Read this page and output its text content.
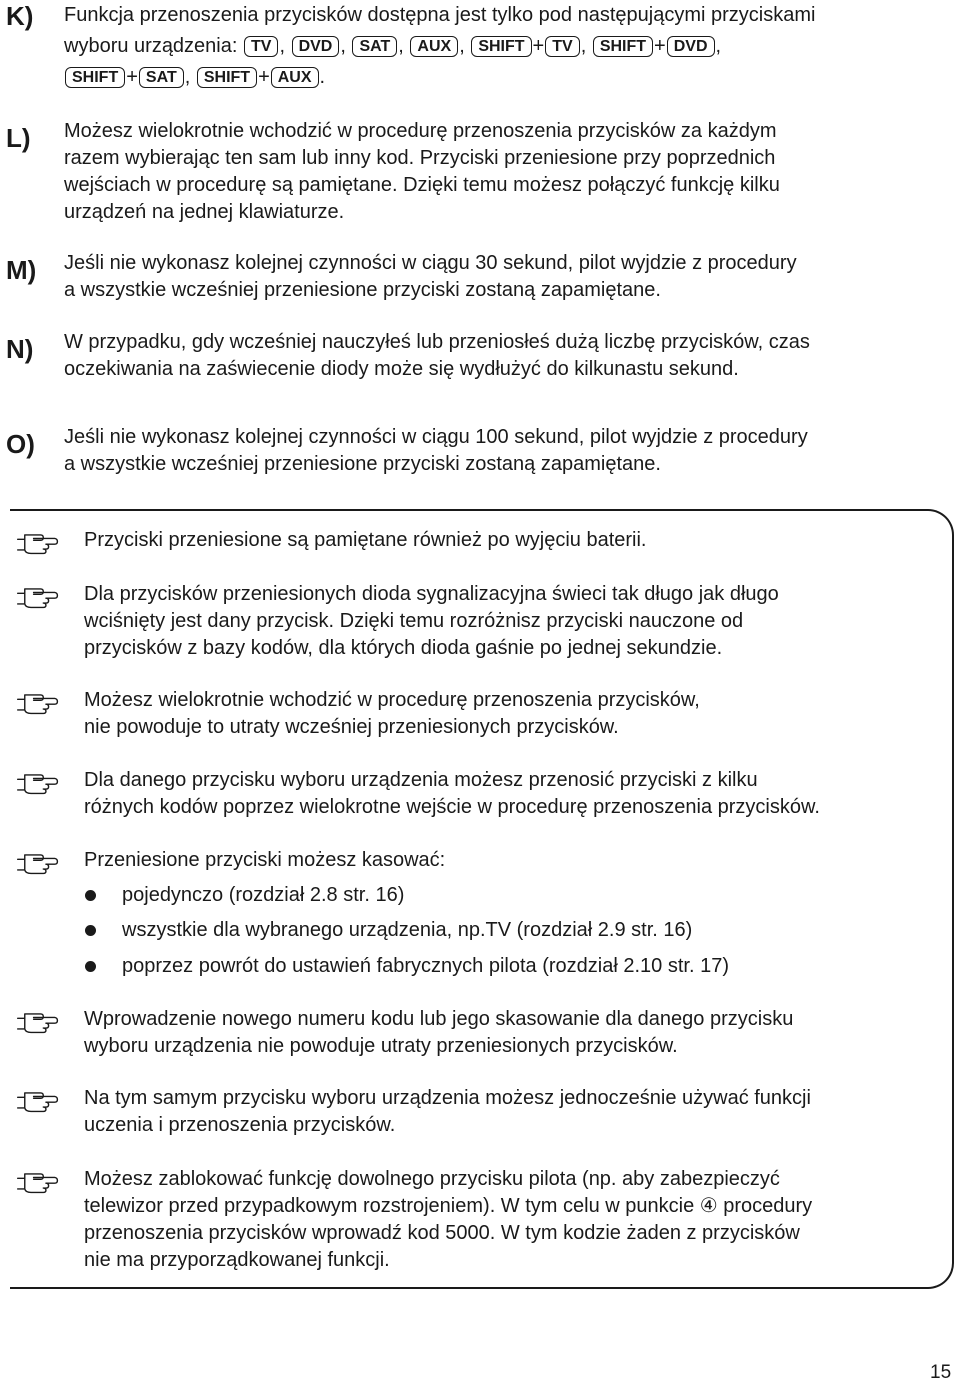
K) Funkcja przenoszenia przycisków dostępna jest tylko pod następującymi przyciskami
wyboru urządzenia: TV , DVD , SAT , AUX , SHIFT + TV , SHIFT + DVD ,
SHIFT + SAT , SHIFT + AUX .
L) Możesz wielokrotnie wchodzić w procedurę przenoszenia przycisków za każdym
razem wybierając ten sam lub inny kod. Przyciski przeniesione przy poprzednich
wejściach w procedurę są pamiętane. Dzięki temu możesz połączyć funkcję kilku
urządzeń na jednej klawiaturze.
M) Jeśli nie wykonasz kolejnej czynności w ciągu 30 sekund, pilot wyjdzie z procedury
a wszystkie wcześniej przeniesione przyciski zostaną zapamiętane.
N) W przypadku, gdy wcześniej nauczyłeś lub przeniosłeś dużą liczbę przycisków, czas
oczekiwania na zaświecenie diody może się wydłużyć do kilkunastu sekund.
O) Jeśli nie wykonasz kolejnej czynności w ciągu 100 sekund, pilot wyjdzie z procedury
a wszystkie wcześniej przeniesione przyciski zostaną zapamiętane.
Przyciski przeniesione są pamiętane również po wyjęciu baterii.
Dla przycisków przeniesionych dioda sygnalizacyjna świeci tak długo jak długo
wciśnięty jest dany przycisk. Dzięki temu rozróżnisz przyciski nauczone od
przycisków z bazy kodów, dla których dioda gaśnie po jednej sekundzie.
Możesz wielokrotnie wchodzić w procedurę przenoszenia przycisków,
nie powoduje to utraty wcześniej przeniesionych przycisków.
Dla danego przycisku wyboru urządzenia możesz przenosić przyciski z kilku
różnych kodów poprzez wielokrotne wejście w procedurę przenoszenia przycisków.
Przeniesione przyciski możesz kasować:
pojedynczo (rozdział 2.8 str. 16)
wszystkie dla wybranego urządzenia, np.TV (rozdział 2.9 str. 16)
poprzez powrót do ustawień fabrycznych pilota (rozdział 2.10 str. 17)
Wprowadzenie nowego numeru kodu lub jego skasowanie dla danego przycisku
wyboru urządzenia nie powoduje utraty przeniesionych przycisków.
Na tym samym przycisku wyboru urządzenia możesz jednocześnie używać funkcji
uczenia i przenoszenia przycisków.
Możesz zablokować funkcję dowolnego przycisku pilota (np. aby zabezpieczyć
telewizor przed przypadkowym rozstrojeniem). W tym celu w punkcie ④ procedury
przenoszenia przycisków wprowadź kod 5000. W tym kodzie żaden z przycisków
nie ma przyporządkowanej funkcji.
15
